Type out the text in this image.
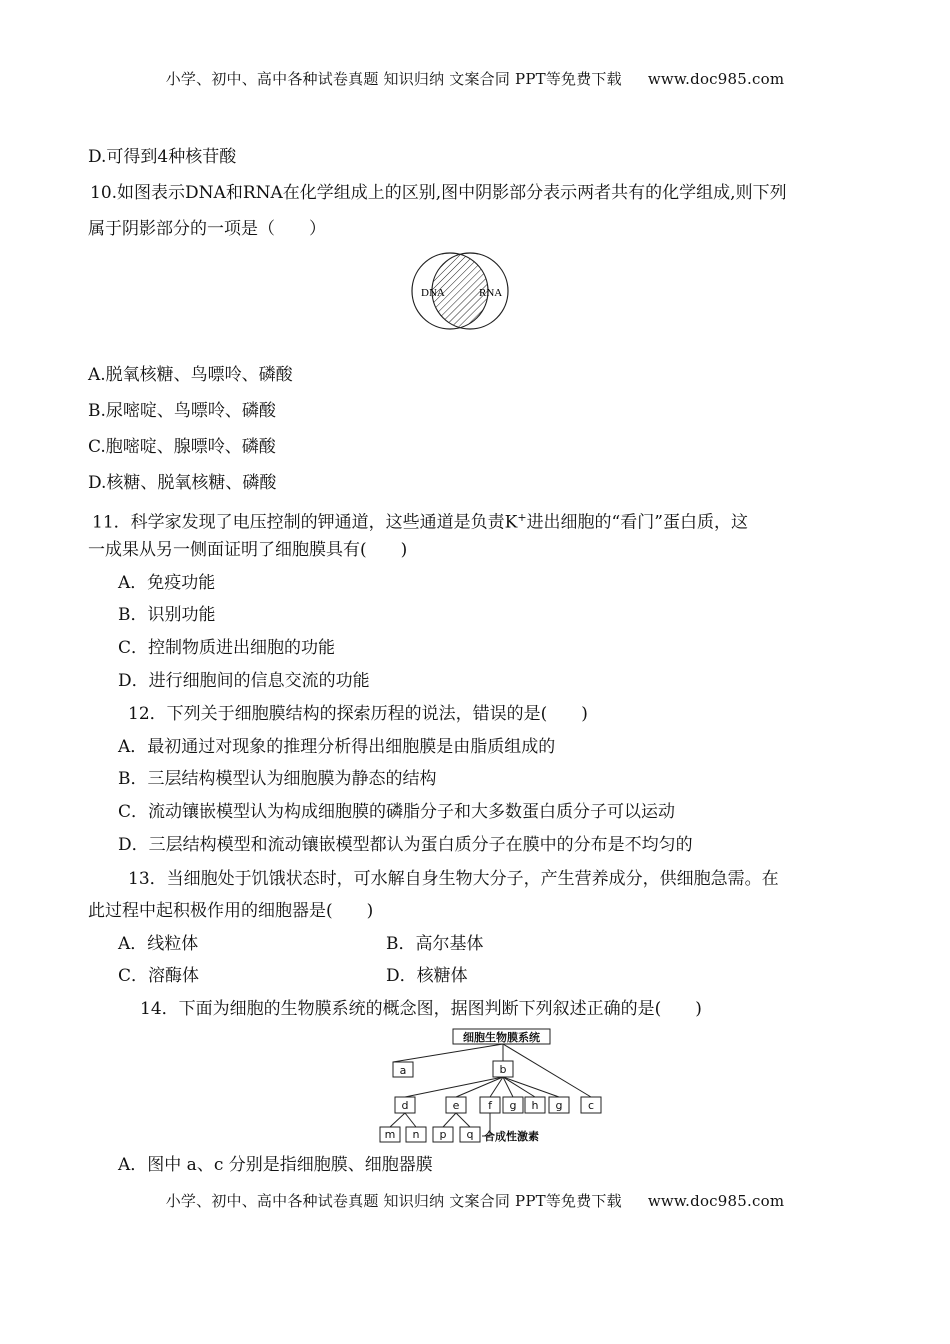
小学、初中、高中各种试卷真题 知识归纳 文案合同 PPT等免费下载 www.doc985.com
D.可得到4种核苷酸
10.如图表示DNA和RNA在化学组成上的区别,图中阴影部分表示两者共有的化学组成,则下列
属于阴影部分的一项是（　　）
DNA	RNA
A.脱氧核糖、鸟嘌呤、磷酸
B.尿嘧啶、鸟嘌呤、磷酸
C.胞嘧啶、腺嘌呤、磷酸
D.核糖、脱氧核糖、磷酸
11．科学家发现了电压控制的钾通道，这些通道是负责K+进出细胞的“看门”蛋白质，这
一成果从另一侧面证明了细胞膜具有(　　)
A．免疫功能
B．识别功能
C．控制物质进出细胞的功能
D．进行细胞间的信息交流的功能
12．下列关于细胞膜结构的探索历程的说法，错误的是(　　)
A．最初通过对现象的推理分析得出细胞膜是由脂质组成的
B．三层结构模型认为细胞膜为静态的结构
C．流动镶嵌模型认为构成细胞膜的磷脂分子和大多数蛋白质分子可以运动
D．三层结构模型和流动镶嵌模型都认为蛋白质分子在膜中的分布是不均匀的
13．当细胞处于饥饿状态时，可水解自身生物大分子，产生营养成分，供细胞急需。在
此过程中起积极作用的细胞器是(　　)
A．线粒体	B．高尔基体
C．溶酶体	D．核糖体
14．下面为细胞的生物膜系统的概念图，据图判断下列叙述正确的是(　　)
细胞生物膜系统
a	b
c
d	e	f g h g
m n p q 合成性激素
A．图中 a、c 分别是指细胞膜、细胞器膜
小学、初中、高中各种试卷真题 知识归纳 文案合同 PPT等免费下载 www.doc985.com
